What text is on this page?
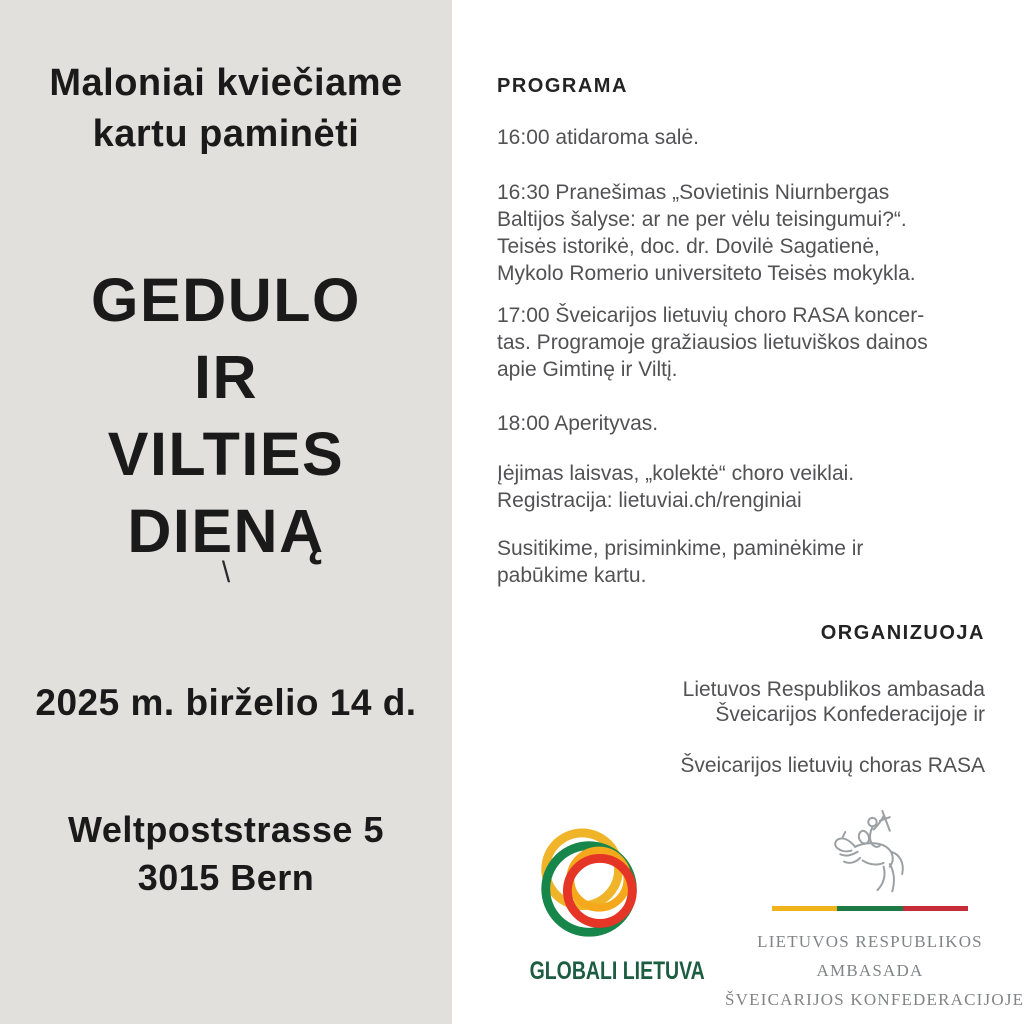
Maloniai kviečiame
kartu paminėti
GEDULO
IR
VILTIES
DIENĄ
\
2025 m. birželio 14 d.
Weltpoststrasse 5
3015 Bern
PROGRAMA
16:00 atidaroma salė.
16:30 Pranešimas „Sovietinis Niurnbergas
Baltijos šalyse: ar ne per vėlu teisingumui?“.
Teisės istorikė, doc. dr. Dovilė Sagatienė,
Mykolo Romerio universiteto Teisės mokykla.
17:00 Šveicarijos lietuvių choro RASA koncer-
tas. Programoje gražiausios lietuviškos dainos
apie Gimtinę ir Viltį.
18:00 Aperityvas.
Įėjimas laisvas, „kolektė“ choro veiklai.
Registracija: lietuviai.ch/renginiai
Susitikime, prisiminkime, paminėkime ir
pabūkime kartu.
ORGANIZUOJA
Lietuvos Respublikos ambasada
Šveicarijos Konfederacijoje ir
Šveicarijos lietuvių choras RASA
GLOBALI LIETUVA
LIETUVOS RESPUBLIKOS
AMBASADA
ŠVEICARIJOS KONFEDERACIJOJE
